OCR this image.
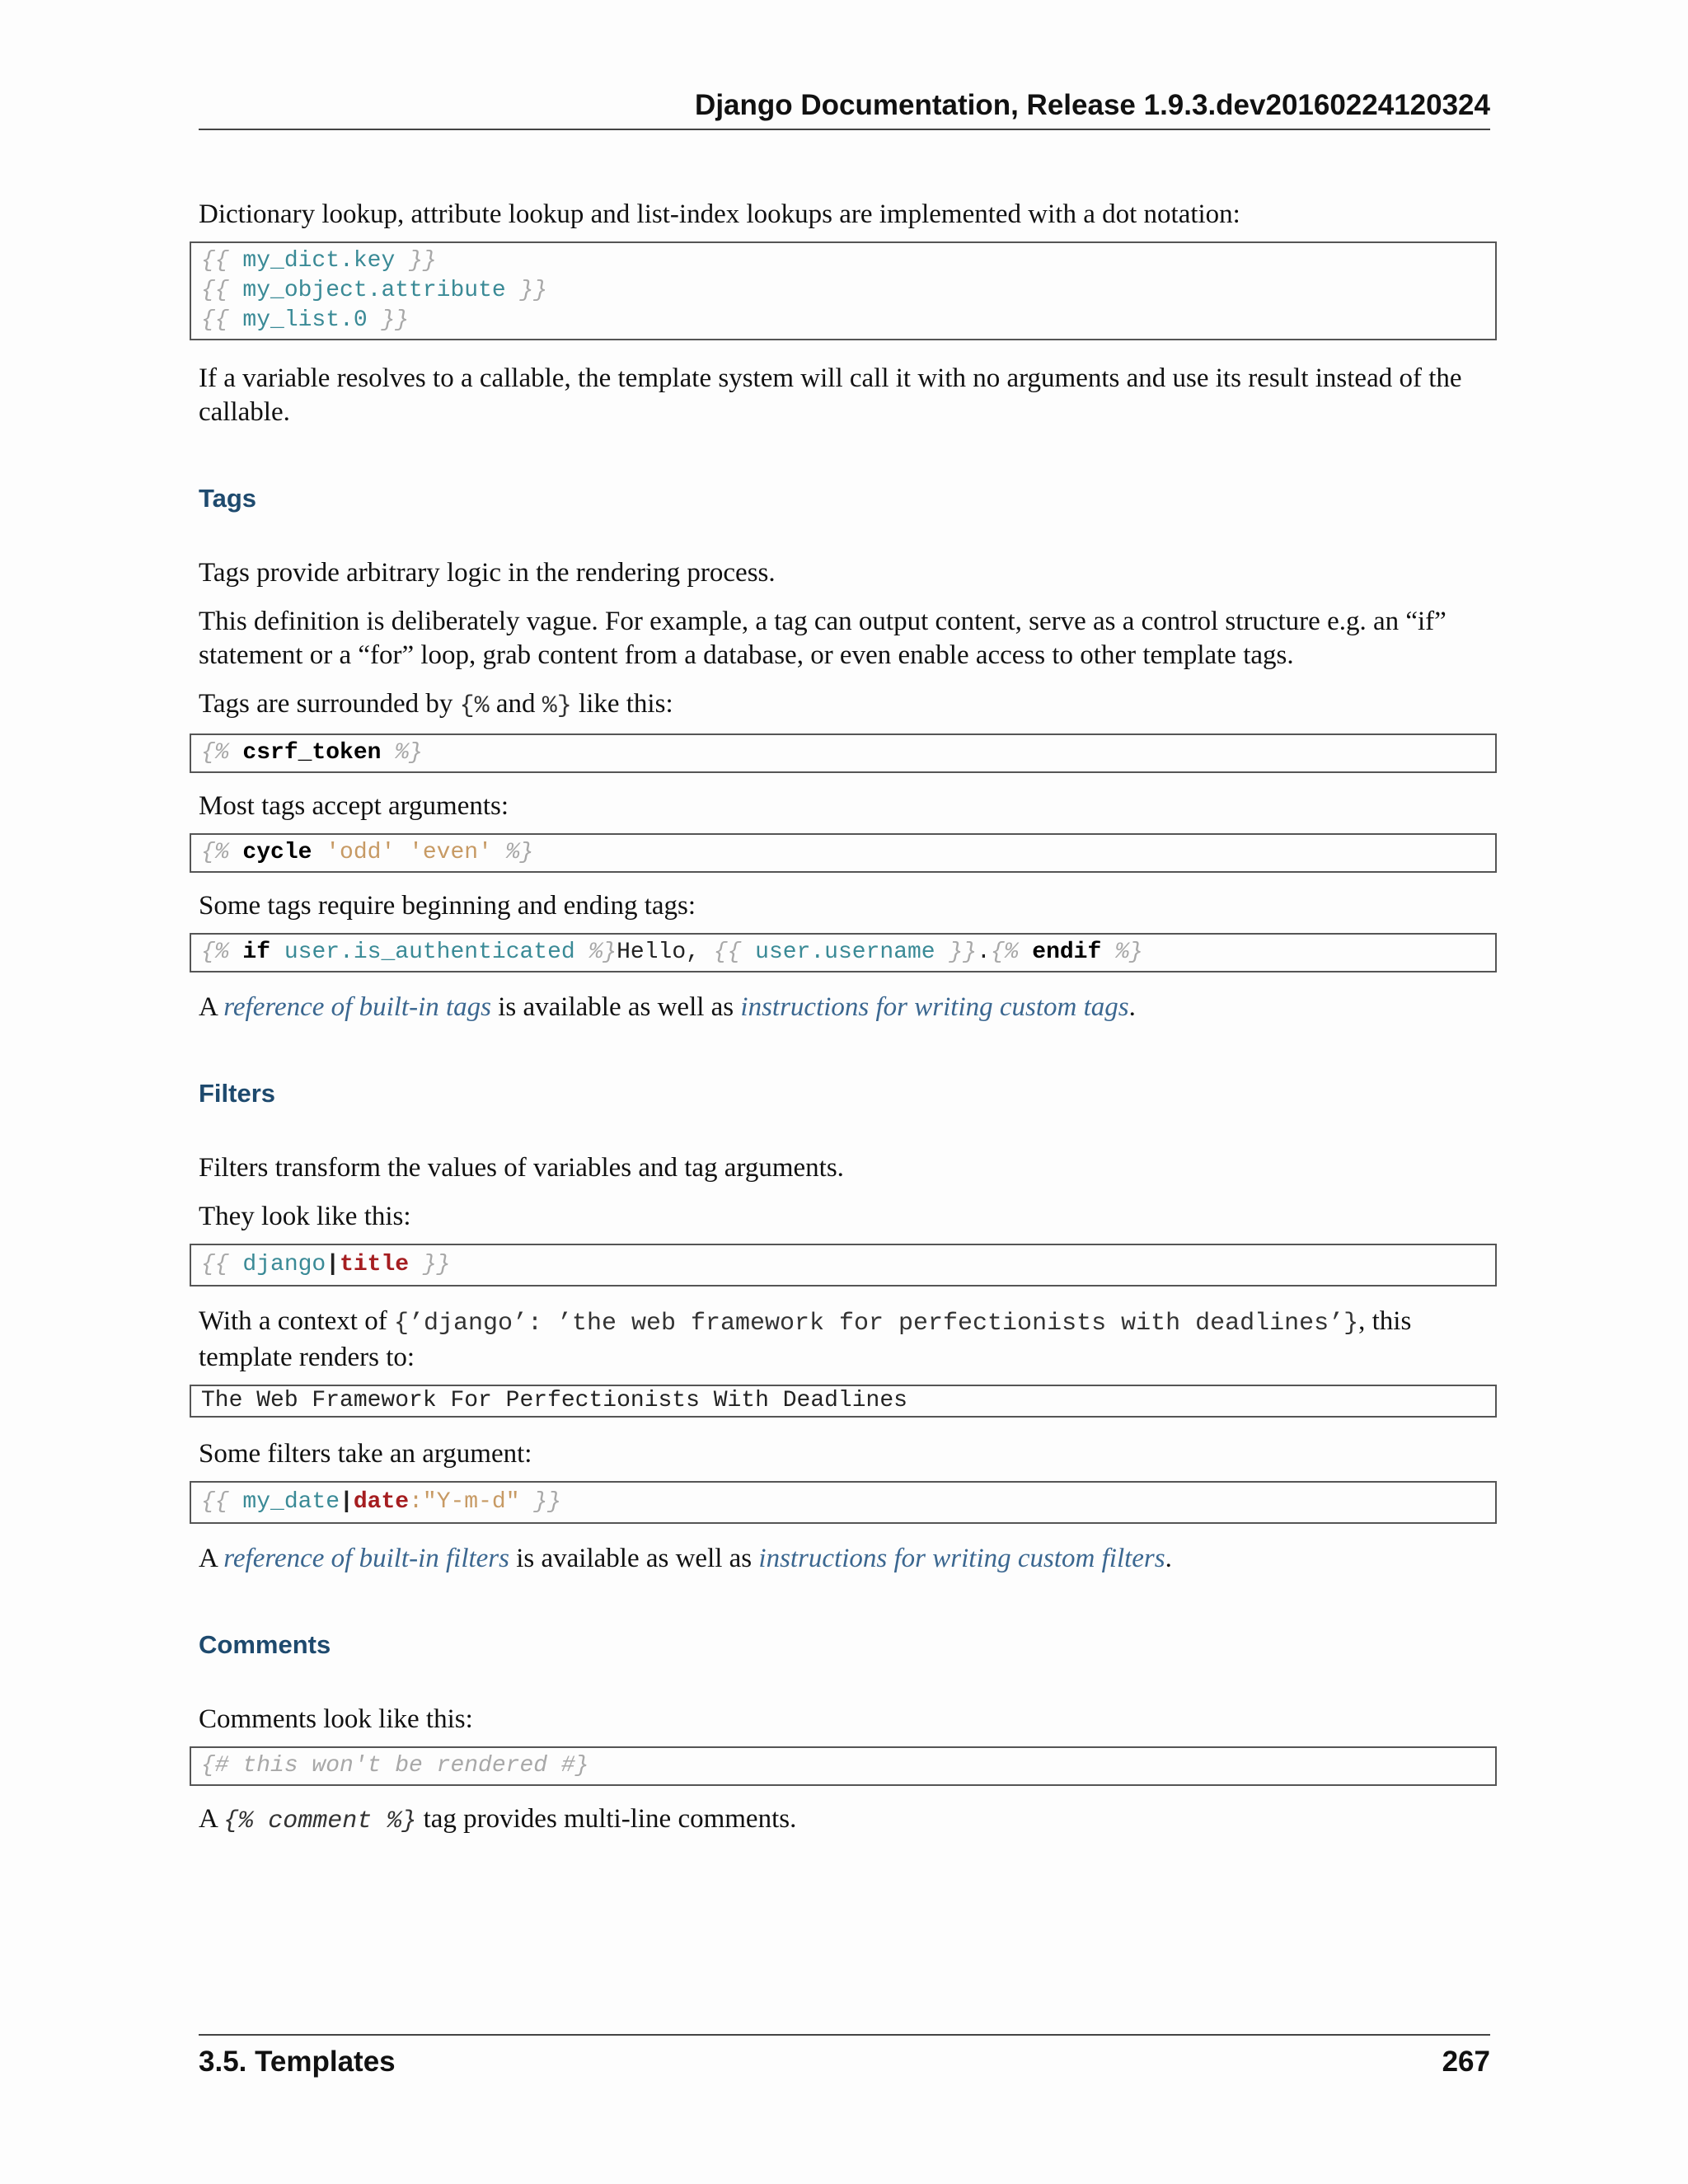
Django Documentation, Release 1.9.3.dev20160224120324

Dictionary lookup, attribute lookup and list-index lookups are implemented with a dot notation:

{{ my_dict.key }}
{{ my_object.attribute }}
{{ my_list.0 }}

If a variable resolves to a callable, the template system will call it with no arguments and use its result instead of the callable.

Tags

Tags provide arbitrary logic in the rendering process.

This definition is deliberately vague. For example, a tag can output content, serve as a control structure e.g. an “if” statement or a “for” loop, grab content from a database, or even enable access to other template tags.

Tags are surrounded by {% and %} like this:

{% csrf_token %}

Most tags accept arguments:

{% cycle 'odd' 'even' %}

Some tags require beginning and ending tags:

{% if user.is_authenticated %}Hello, {{ user.username }}.{% endif %}

A reference of built-in tags is available as well as instructions for writing custom tags.

Filters

Filters transform the values of variables and tag arguments.

They look like this:

{{ django|title }}

With a context of {’django’: ’the web framework for perfectionists with deadlines’}, this template renders to:

The Web Framework For Perfectionists With Deadlines

Some filters take an argument:

{{ my_date|date:"Y-m-d" }}

A reference of built-in filters is available as well as instructions for writing custom filters.

Comments

Comments look like this:

{# this won't be rendered #}

A {% comment %} tag provides multi-line comments.

3.5. Templates	267
